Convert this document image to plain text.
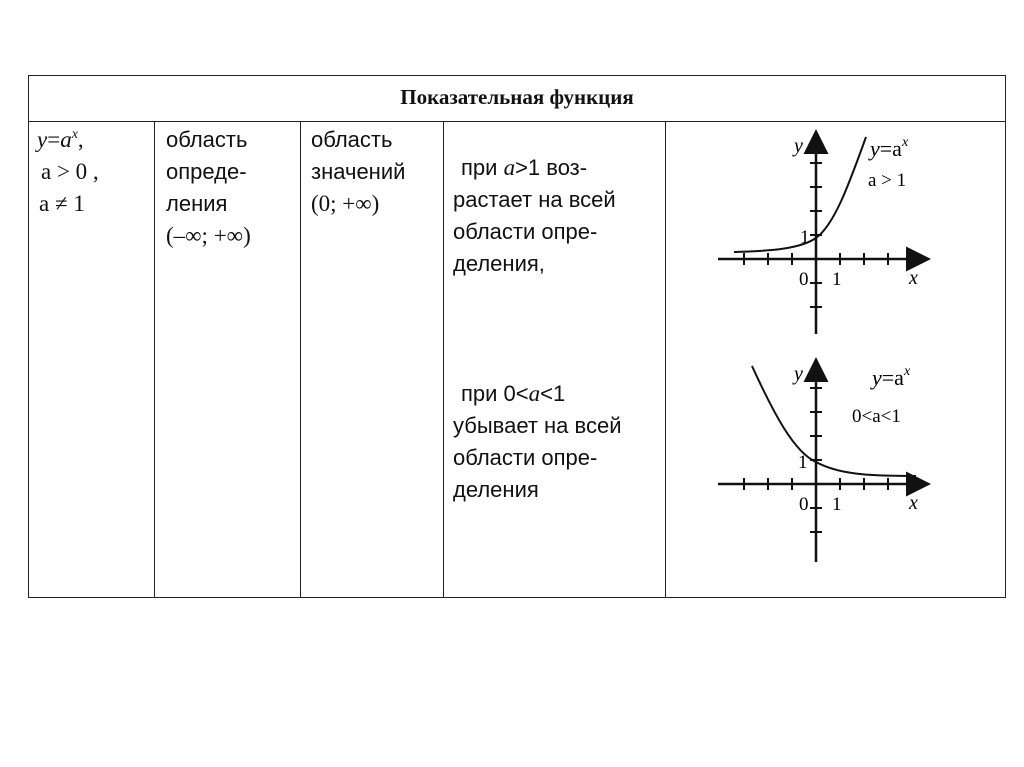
Показательная функция
$y=a^x$,
a > 0 ,
a ≠ 1
область
опреде-
ления
(–∞; +∞)
область
значений
(0; +∞)
при a>1 воз-
растает на всей
области опре-
деления,
при 0<a<1
убывает на всей
области опре-
деления
y
x
0 1
1
$y=a^x$
a > 1
y
x
0 1
1
$y=a^x$
0<a<1
